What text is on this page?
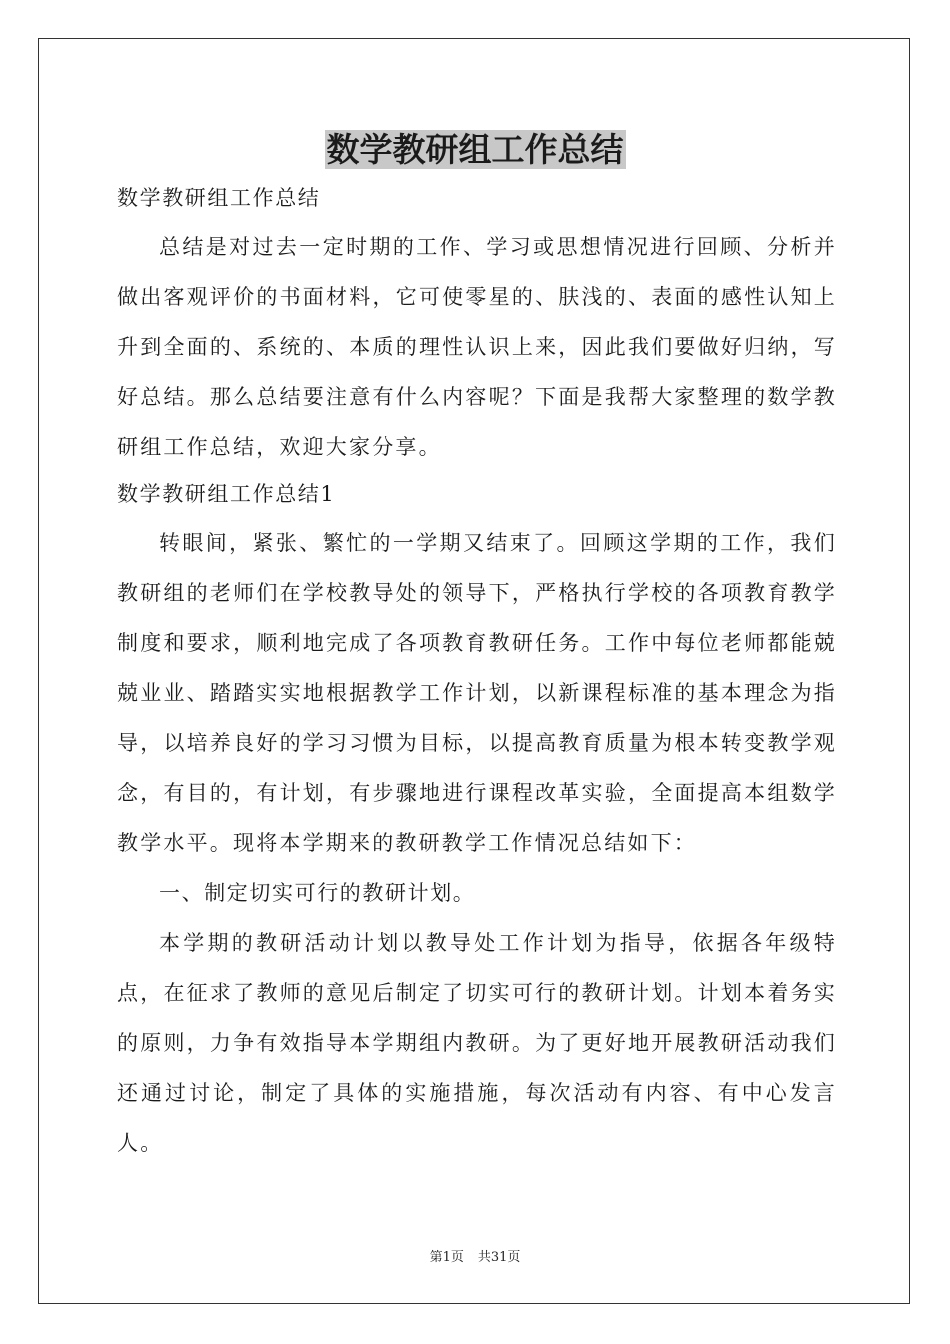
数学教研组工作总结

数学教研组工作总结

总结是对过去一定时期的工作、学习或思想情况进行回顾、分析并做出客观评价的书面材料，它可使零星的、肤浅的、表面的感性认知上升到全面的、系统的、本质的理性认识上来，因此我们要做好归纳，写好总结。那么总结要注意有什么内容呢？下面是我帮大家整理的数学教研组工作总结，欢迎大家分享。

数学教研组工作总结1

转眼间，紧张、繁忙的一学期又结束了。回顾这学期的工作，我们教研组的老师们在学校教导处的领导下，严格执行学校的各项教育教学制度和要求，顺利地完成了各项教育教研任务。工作中每位老师都能兢兢业业、踏踏实实地根据教学工作计划，以新课程标准的基本理念为指导，以培养良好的学习习惯为目标，以提高教育质量为根本转变教学观念，有目的，有计划，有步骤地进行课程改革实验，全面提高本组数学教学水平。现将本学期来的教研教学工作情况总结如下：

一、制定切实可行的教研计划。

本学期的教研活动计划以教导处工作计划为指导，依据各年级特点，在征求了教师的意见后制定了切实可行的教研计划。计划本着务实的原则，力争有效指导本学期组内教研。为了更好地开展教研活动我们还通过讨论，制定了具体的实施措施，每次活动有内容、有中心发言人。

第1页 共31页
